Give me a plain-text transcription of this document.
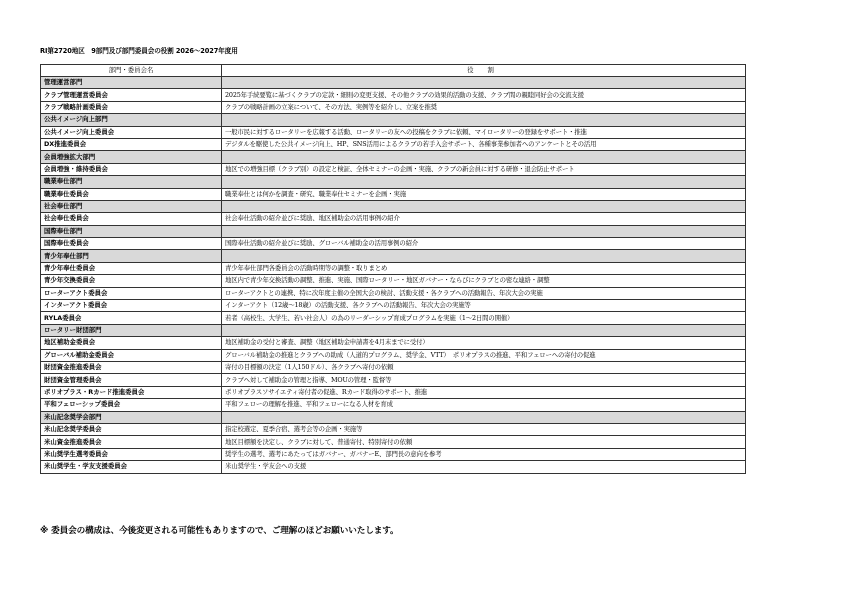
RI第2720地区　9部門及び部門委員会の役割 2026～2027年度用
部門・委員会名	役 割
管理運営部門	
クラブ管理運営委員会	2025年手続要覧に基づくクラブの定款・細則の変更支援、その他クラブの効果的活動の支援、クラブ間の親睦同好会の交流支援
クラブ戦略計画委員会	クラブの戦略計画の立案について、その方法、実例等を紹介し、立案を推奨
公共イメージ向上部門	
公共イメージ向上委員会	一般市民に対するロータリーを広報する活動、ロータリーの友への投稿をクラブに依頼、マイロータリーの登録をサポート・推進
DX推進委員会	デジタルを駆使した公共イメージ向上、HP、SNS活用によるクラブの若手入会サポート、各種事業参加者へのアンケートとその活用
会員増強拡大部門	
会員増強・維持委員会	地区での増強目標（クラブ別）の設定と検証、全体セミナーの企画・実施、クラブの新会員に対する研修・退会防止サポート
職業奉仕部門	
職業奉仕委員会	職業奉仕とは何かを調査・研究、職業奉仕セミナーを企画・実施
社会奉仕部門	
社会奉仕委員会	社会奉仕活動の紹介並びに奨励、地区補助金の活用事例の紹介
国際奉仕部門	
国際奉仕委員会	国際奉仕活動の紹介並びに奨励、グローバル補助金の活用事例の紹介
青少年奉仕部門	
青少年奉仕委員会	青少年奉仕部門各委員会の活動時期等の調整・取りまとめ
青少年交換委員会	地区内で青少年交換活動の調整、推進、実施、国際ロータリー・地区ガバナー・ならびにクラブとの密な連絡・調整
ローターアクト委員会	ローターアクトとの連携、特に次年度主催の全国大会の検討、活動支援・各クラブへの活動報告、年次大会の実施
インターアクト委員会	インターアクト（12歳～18歳）の活動支援、各クラブへの活動報告、年次大会の実施等
RYLA委員会	若者（高校生、大学生、若い社会人）の為のリーダーシップ育成プログラムを実施（1～2日間の開催）
ロータリー財団部門	
地区補助金委員会	地区補助金の受付と審査、調整（地区補助金申請書を4月末までに受付）
グローバル補助金委員会	グローバル補助金の推進とクラブへの助成（人道的プログラム、奨学金、VTT）　ポリオプラスの推進、平和フェローへの寄付の促進
財団資金推進委員会	寄付の目標額の決定（1人150ドル）、各クラブへ寄付の依頼
財団資金管理委員会	クラブへ対して補助金の管理と指導、MOUの管理・監督等
ポリオプラス・Rカード推進委員会	ポリオプラスソサイエティ寄付者の促進、Rカード取得のサポート、推進
平和フェローシップ委員会	平和フェローの理解を推進、平和フェローになる人材を育成
米山記念奨学会部門	
米山記念奨学委員会	指定校選定、夏季合宿、選考会等の企画・実施等
米山資金推進委員会	地区目標額を決定し、クラブに対して、普通寄付、特別寄付の依頼
米山奨学生選考委員会	奨学生の選考、選考にあたってはガバナー、ガバナーE、部門長の意向を参考
米山奨学生・学友支援委員会	米山奨学生・学友会への支援
※ 委員会の構成は、今後変更される可能性もありますので、ご理解のほどお願いいたします。
